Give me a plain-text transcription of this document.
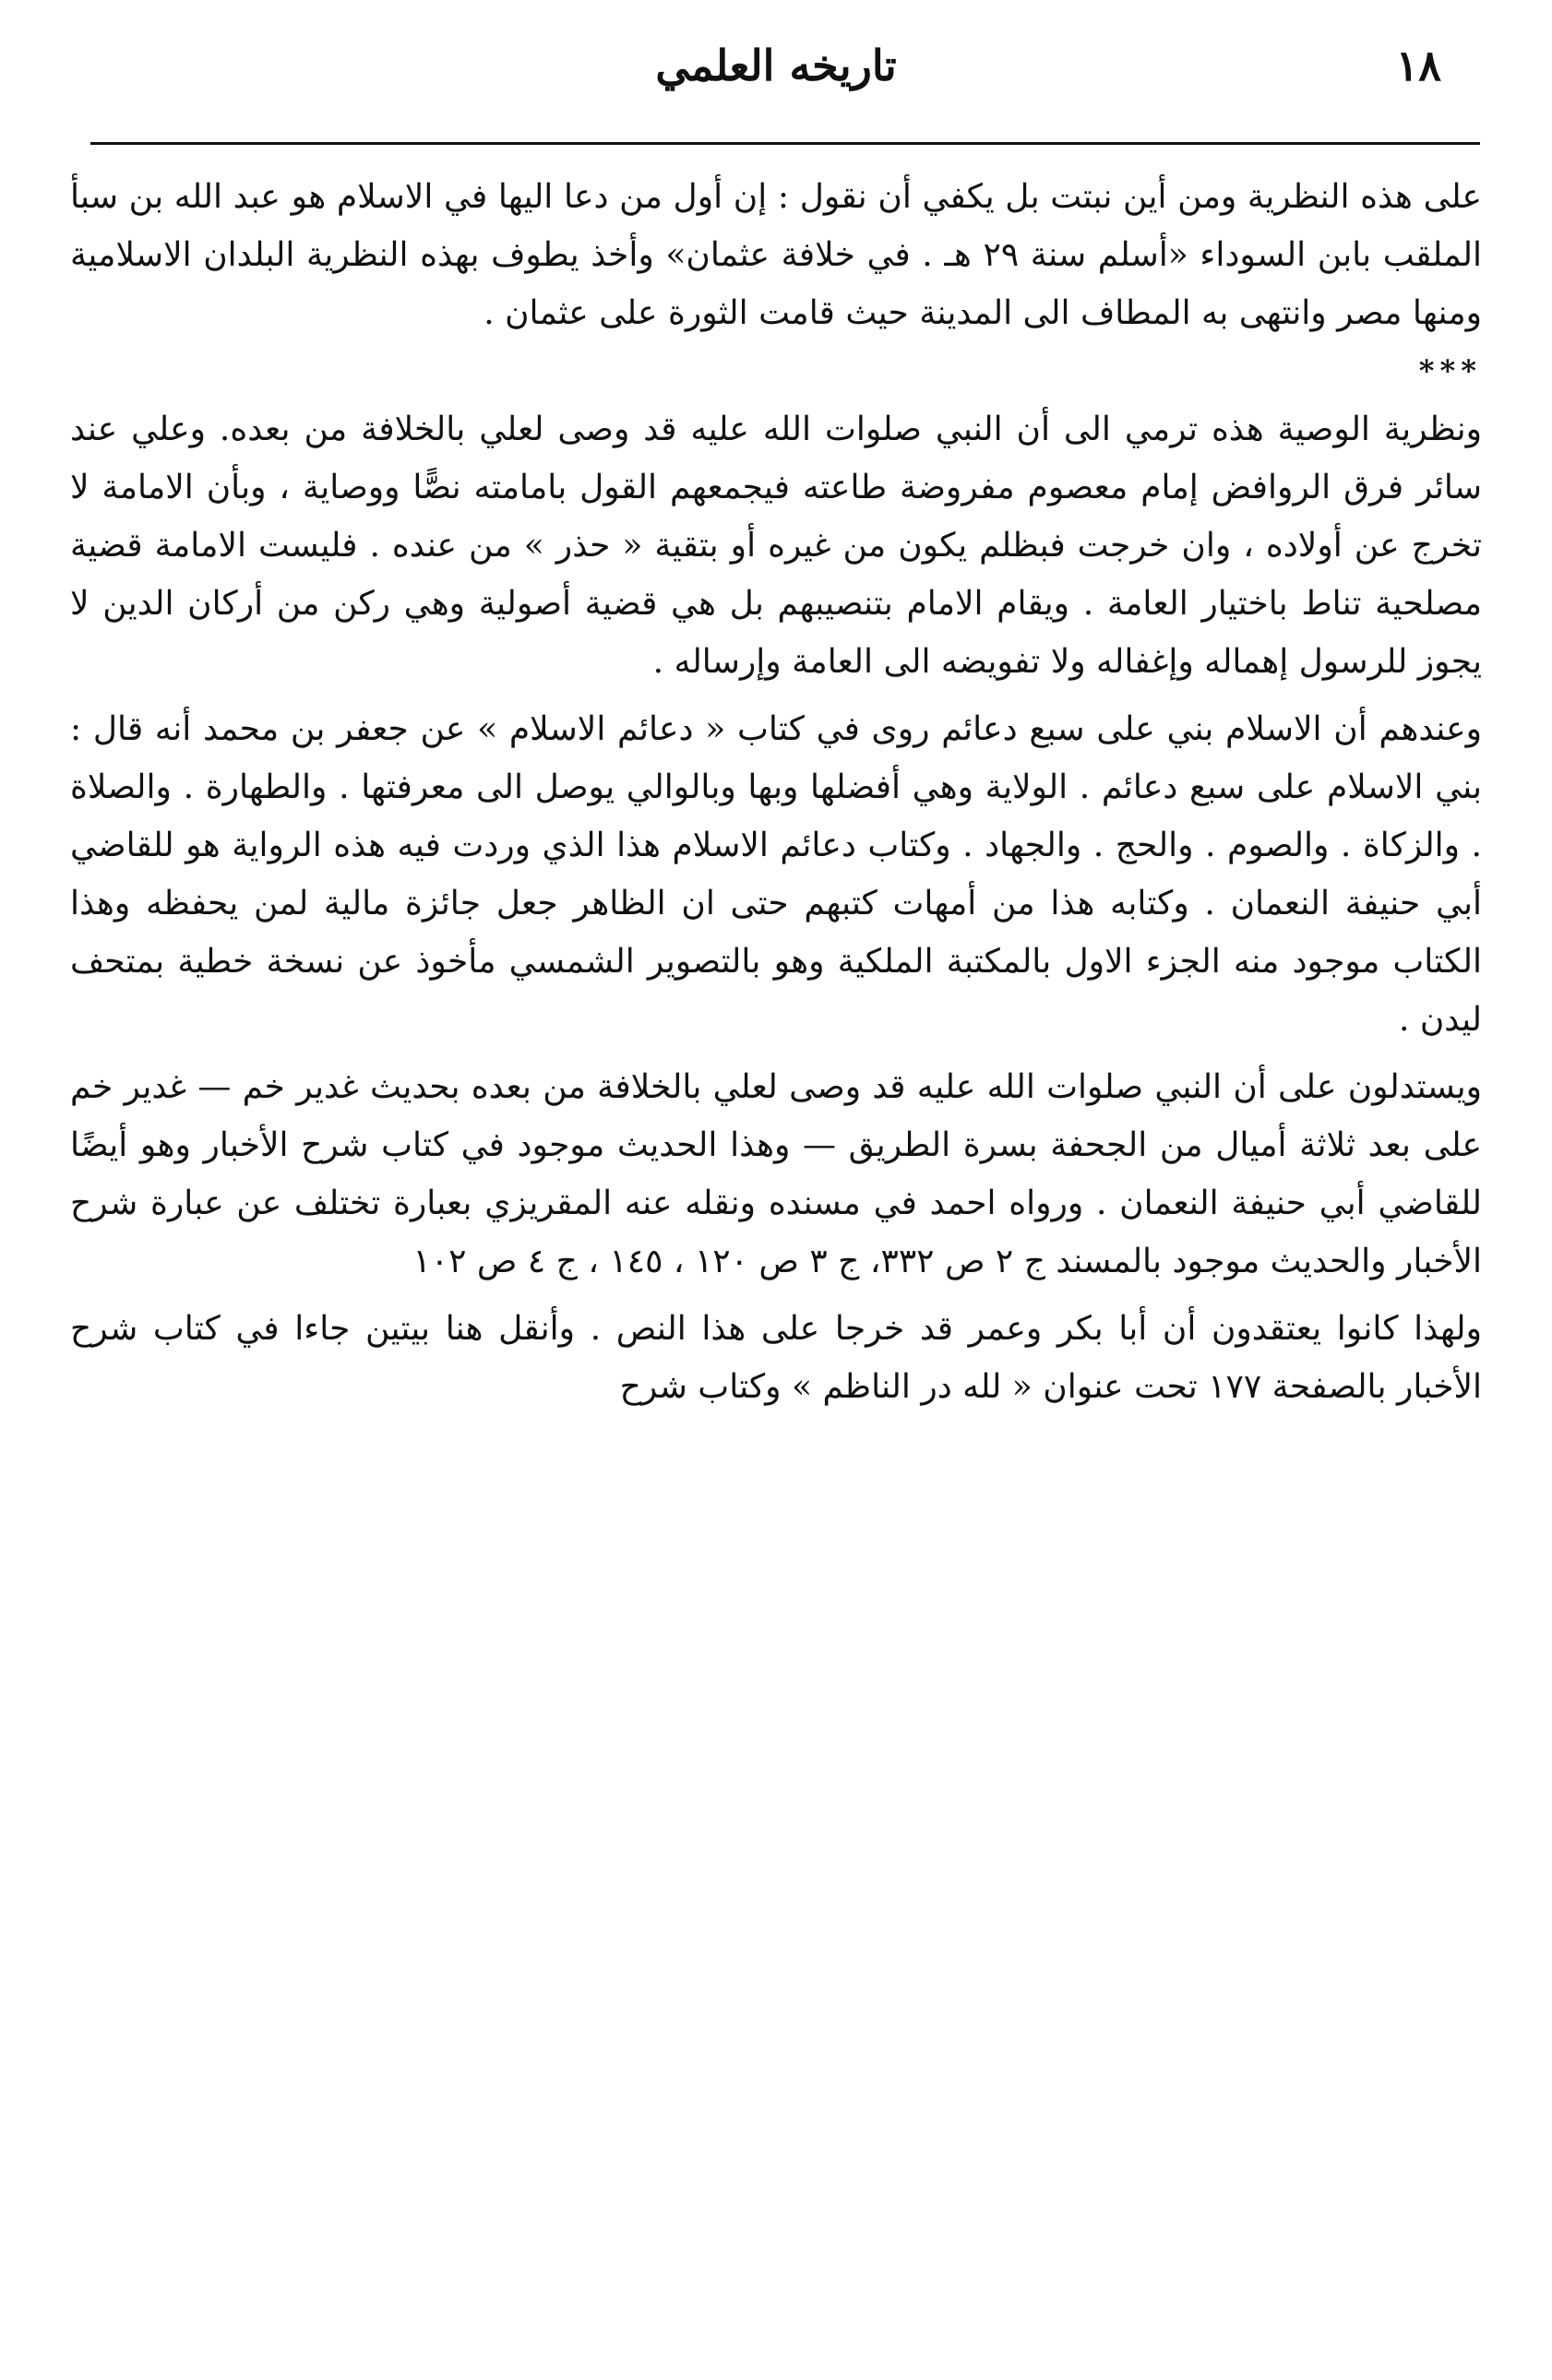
١٨
تاريخه العلمي

على هذه النظرية ومن أين نبتت بل يكفي أن نقول : إن أول من دعا اليها في الاسلام هو عبد الله بن سبأ الملقب بابن السوداء «أسلم سنة ٢٩ هـ . في خلافة عثمان» وأخذ يطوف بهذه النظرية البلدان الاسلامية ومنها مصر وانتهى به المطاف الى المدينة حيث قامت الثورة على عثمان .

***

ونظرية الوصية هذه ترمي الى أن النبي صلوات الله عليه قد وصى لعلي بالخلافة من بعده. وعلي عند سائر فرق الروافض إمام معصوم مفروضة طاعته فيجمعهم القول بامامته نصًّا ووصاية ، وبأن الامامة لا تخرج عن أولاده ، وان خرجت فبظلم يكون من غيره أو بتقية « حذر » من عنده . فليست الامامة قضية مصلحية تناط باختيار العامة . ويقام الامام بتنصيبهم بل هي قضية أصولية وهي ركن من أركان الدين لا يجوز للرسول إهماله وإغفاله ولا تفويضه الى العامة وإرساله .

وعندهم أن الاسلام بني على سبع دعائم روى في كتاب « دعائم الاسلام » عن جعفر بن محمد أنه قال : بني الاسلام على سبع دعائم . الولاية وهي أفضلها وبها وبالوالي يوصل الى معرفتها . والطهارة . والصلاة . والزكاة . والصوم . والحج . والجهاد . وكتاب دعائم الاسلام هذا الذي وردت فيه هذه الرواية هو للقاضي أبي حنيفة النعمان . وكتابه هذا من أمهات كتبهم حتى ان الظاهر جعل جائزة مالية لمن يحفظه وهذا الكتاب موجود منه الجزء الاول بالمكتبة الملكية وهو بالتصوير الشمسي مأخوذ عن نسخة خطية بمتحف ليدن .

ويستدلون على أن النبي صلوات الله عليه قد وصى لعلي بالخلافة من بعده بحديث غدير خم — غدير خم على بعد ثلاثة أميال من الجحفة بسرة الطريق — وهذا الحديث موجود في كتاب شرح الأخبار وهو أيضًا للقاضي أبي حنيفة النعمان . ورواه احمد في مسنده ونقله عنه المقريزي بعبارة تختلف عن عبارة شرح الأخبار والحديث موجود بالمسند ج ٢ ص ٣٣٢، ج ٣ ص ١٢٠ ، ١٤٥ ، ج ٤ ص ١٠٢

ولهذا كانوا يعتقدون أن أبا بكر وعمر قد خرجا على هذا النص . وأنقل هنا بيتين جاءا في كتاب شرح الأخبار بالصفحة ١٧٧ تحت عنوان « لله در الناظم » وكتاب شرح
